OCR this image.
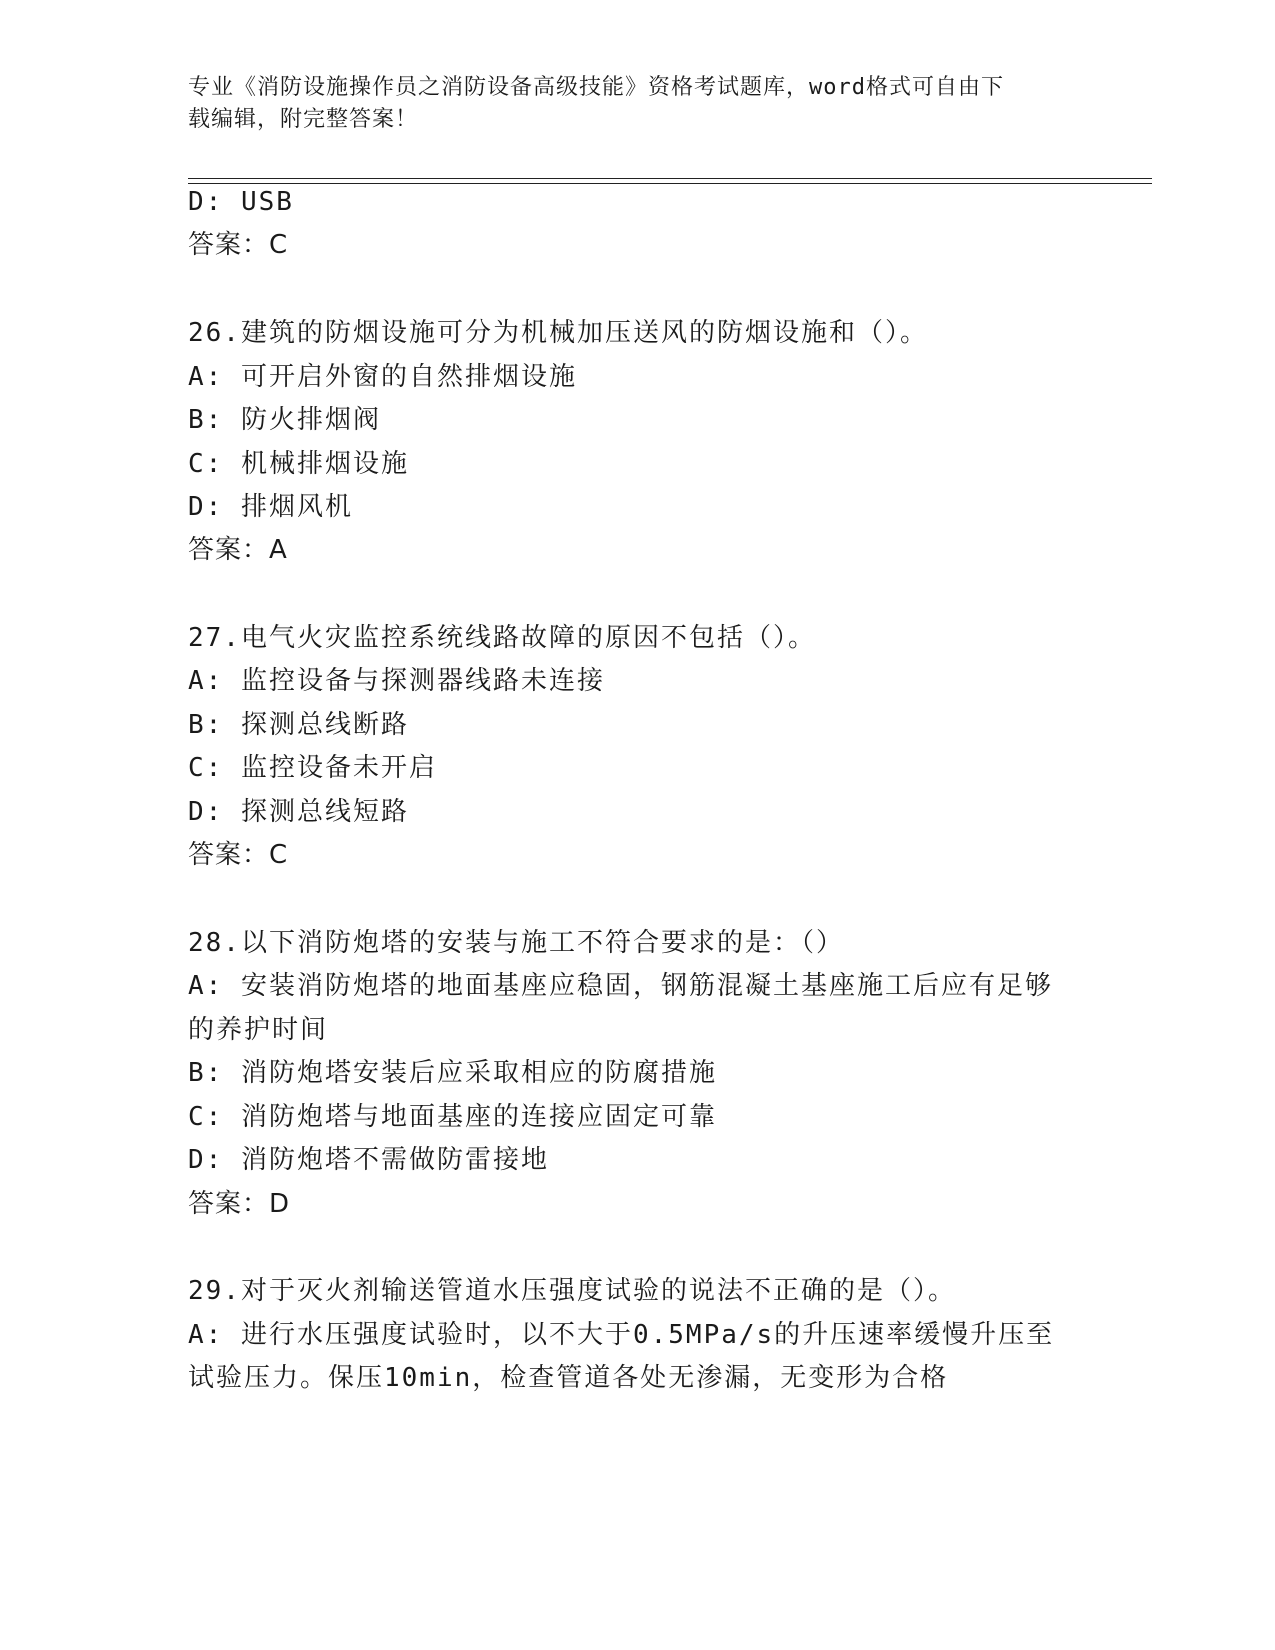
专业《消防设施操作员之消防设备高级技能》资格考试题库，word格式可自由下
载编辑，附完整答案！
D: USB
答案：C
26.建筑的防烟设施可分为机械加压送风的防烟设施和（）。
A: 可开启外窗的自然排烟设施
B: 防火排烟阀
C: 机械排烟设施
D: 排烟风机
答案：A
27.电气火灾监控系统线路故障的原因不包括（）。
A: 监控设备与探测器线路未连接
B: 探测总线断路
C: 监控设备未开启
D: 探测总线短路
答案：C
28.以下消防炮塔的安装与施工不符合要求的是：（）
A: 安装消防炮塔的地面基座应稳固，钢筋混凝土基座施工后应有足够
的养护时间
B: 消防炮塔安装后应采取相应的防腐措施
C: 消防炮塔与地面基座的连接应固定可靠
D: 消防炮塔不需做防雷接地
答案：D
29.对于灭火剂输送管道水压强度试验的说法不正确的是（）。
A: 进行水压强度试验时，以不大于0.5MPa/s的升压速率缓慢升压至
试验压力。保压10min，检查管道各处无渗漏，无变形为合格
